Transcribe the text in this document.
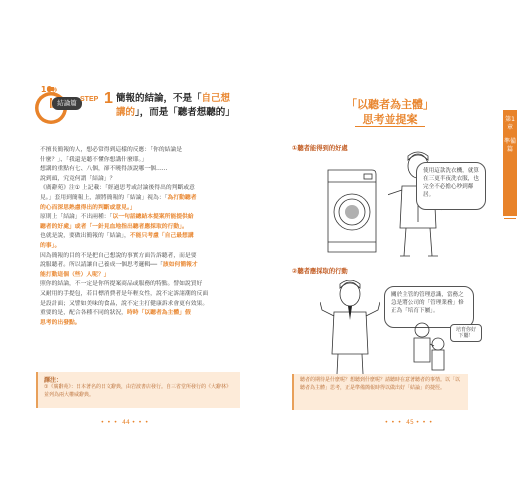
10秒
結論篇 STEP 1 簡報的結論，不是「自己想
講的」，而是「聽者想聽的」
不擅長簡報的人，想必常得到這樣的反應：「你的結論是
什麼？」、「我還是聽不懂你想講什麼耶。」
想講的重點有七、八個，卻不曉得該說哪一個……
說到頭，究竟何謂「結論」？
《廣辭苑》注① 上記載：「經過思考或討論後得出的判斷或意
見。」套用到簡報上，讀將簡報的「結論」視為：「為打動聽者
的心而深思熟慮得出的判斷或意見。」
原則上「結論」不出兩種：「以一句話總結本提案所能提供給
聽者的好處」或者「一針見血地指出聽者應採取的行動」。
也就是說，要做出簡報的「結論」，不能只考慮「自己最想講
的事」。
因為簡報的目的不是把自己想說的事實方面告訴聽者，而是要
說服聽者。所以請讓自己養成一個思考邏輯──「該如何簡報才
能打動這個（些）人呢？」
照你的結論，不一定是你所提案商品或服務的特點。譬如說買好
又耐用的手提包，若目標消費者是年輕女性，說不定訴諸潮的反面
是設計面；又譬如美味的食品，說不定主打健康訴求會更有效果。
重要的是，配合各種不同的狀況，時時「以聽者為主體」假
思考的出發點。
譯注：
①《廣辭苑》：日本著名的日文辭典，由岩波書店發行。自三省堂所發行的《大辭林》並列為兩大權威辭典。
••• 44 •••
「以聽者為主體」
思考並提案
①聽者能得到的好處
使用這款洗衣機，就算在三更半夜洗衣服，也完全不必擔心吵到鄰居。
②聽者應採取的行動
關於主管的管理意識，當務之急是將公司的「管理業務」修正為「培育下屬」。
培育你好下屬！
聽者的期待是什麼呢？想聽到什麼呢？請聽時在意著聽者的事情。以「以聽者為主體」思考，正是準備簡報時得以做出好「結論」的捷徑。
第1章
準備篇
••• 45 •••
